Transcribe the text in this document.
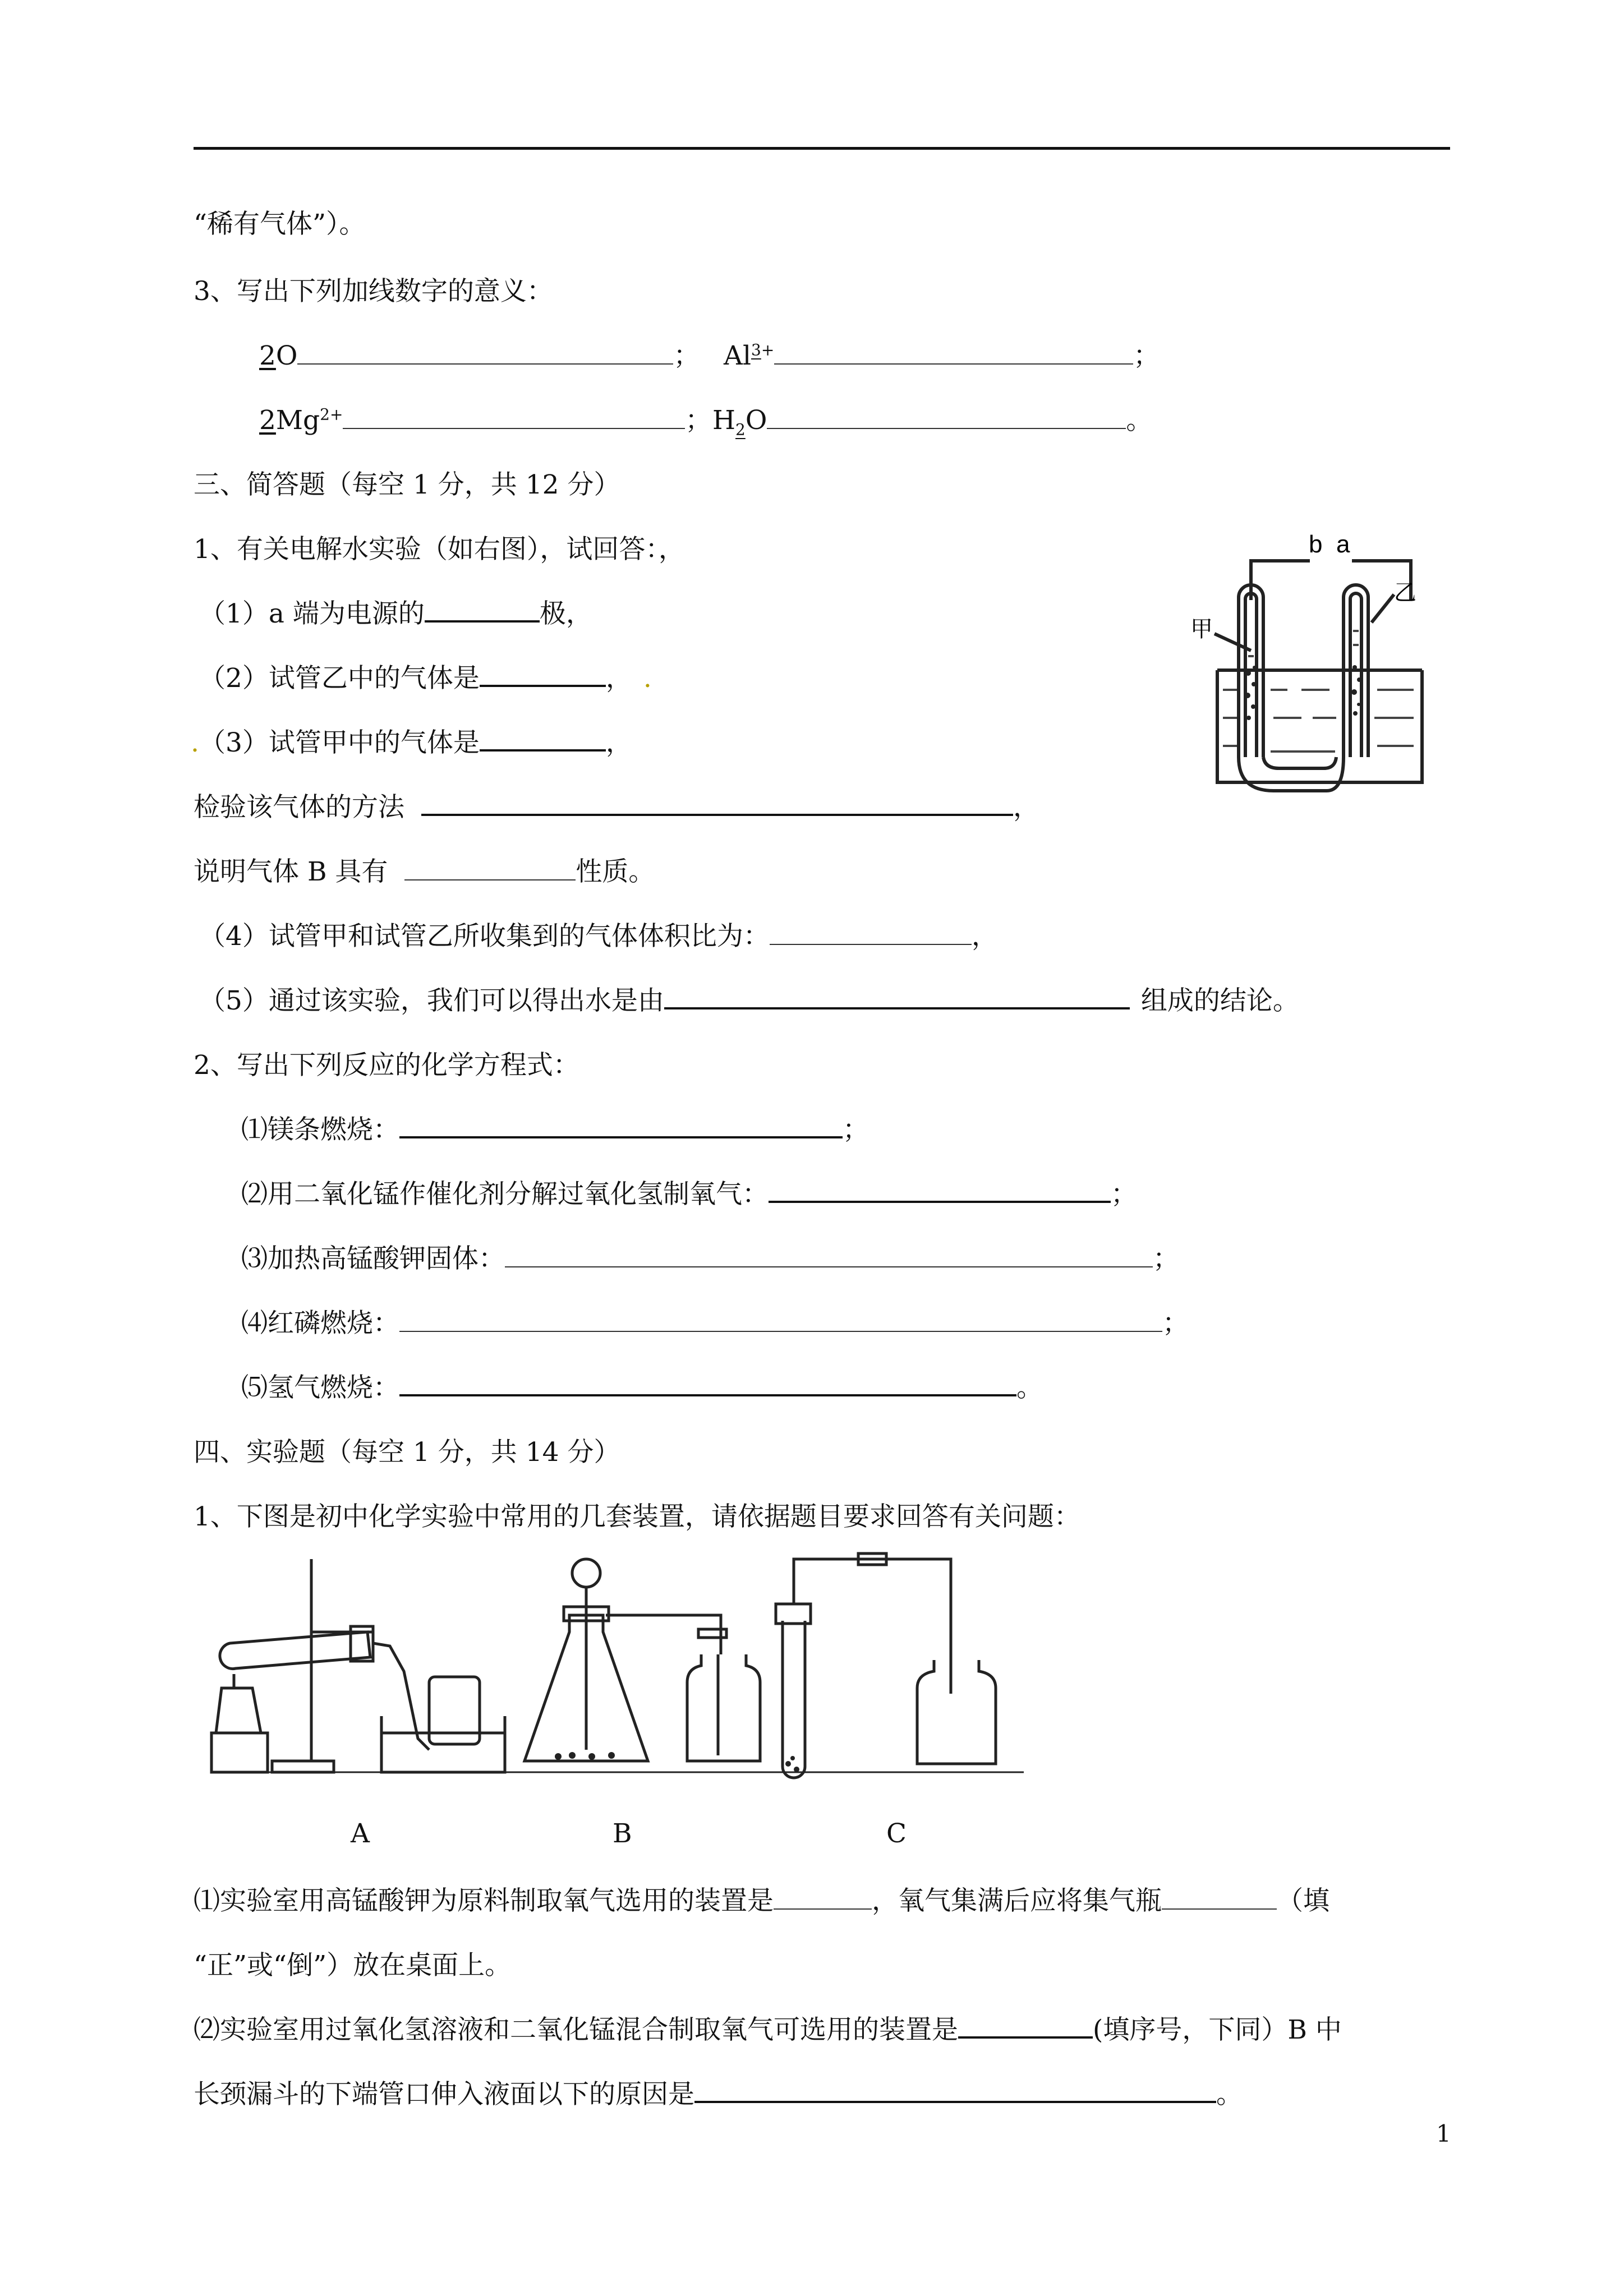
“稀有气体”）。
3、写出下列加线数字的意义：
2O	； $Al^{3+}$	；
$2Mg^{2+}$	； $H_2O$	。
三、简答题（每空 1 分，共 12 分）
1、有关电解水实验（如右图），试回答：，
（1）a 端为电源的	极，
（2）试管乙中的气体是	， .
.（3）试管甲中的气体是	，
检验该气体的方法	，
说明气体 B 具有	性质。
（4）试管甲和试管乙所收集到的气体体积比为：	，
（5）通过该实验，我们可以得出水是由	组成的结论。
b a
甲
乙
2、写出下列反应的化学方程式：
⑴镁条燃烧：	；
⑵用二氧化锰作催化剂分解过氧化氢制氧气：	；
⑶加热高锰酸钾固体：	；
⑷红磷燃烧：	；
⑸氢气燃烧：	。
四、实验题（每空 1 分，共 14 分）
1、下图是初中化学实验中常用的几套装置，请依据题目要求回答有关问题：
A	B	C
⑴实验室用高锰酸钾为原料制取氧气选用的装置是	，氧气集满后应将集气瓶	（填
“正”或“倒”）放在桌面上。
⑵实验室用过氧化氢溶液和二氧化锰混合制取氧气可选用的装置是	(填序号，下同）B 中
长颈漏斗的下端管口伸入液面以下的原因是	。
1
